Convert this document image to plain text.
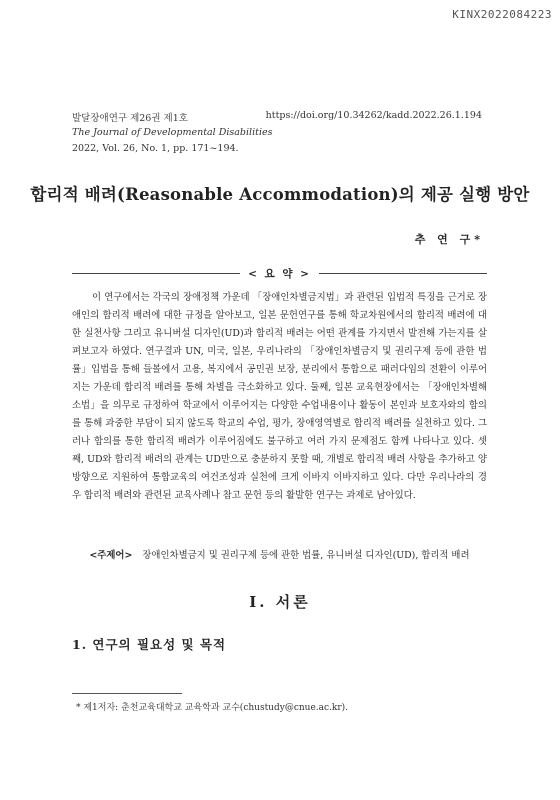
KINX2022084223
발달장애연구 제26권 제1호
The Journal of Developmental Disabilities
2022, Vol. 26, No. 1, pp. 171~194.
https://doi.org/10.34262/kadd.2022.26.1.194
합리적 배려(Reasonable Accommodation)의 제공 실행 방안
추 연 구*
< 요 약 >

이 연구에서는 각국의 장애정책 가운데 「장애인차별금지법」과 관련된 입법적 특징을 근거로 장애인의 합리적 배려에 대한 규정을 알아보고, 일본 문헌연구를 통해 학교차원에서의 합리적 배려에 대한 실천사항 그리고 유니버설 디자인(UD)과 합리적 배려는 어떤 관계를 가지면서 발전해 가는지를 살펴보고자 하였다. 연구결과 UN, 미국, 일본, 우리나라의 「장애인차별금지 및 권리구제 등에 관한 법률」입법을 통해 들볼에서 고용, 복지에서 공민권 보장, 분리에서 통합으로 패러다임의 전환이 이루어지는 가운데 합리적 배려를 통해 차별을 극소화하고 있다. 둘째, 일본 교육현장에서는 「장애인차별해소법」을 의무로 규정하여 학교에서 이루어지는 다양한 수업내용이나 활동이 본인과 보호자와의 합의를 통해 과중한 부담이 되지 않도록 학교의 수업, 평가, 장애영역별로 합리적 배려를 실천하고 있다. 그러나 합의를 통한 합리적 배려가 이루어짐에도 불구하고 여러 가지 문제점도 함께 나타나고 있다. 셋째, UD와 합리적 배려의 관계는 UD만으로 충분하지 못할 때, 개별로 합리적 배려 사항을 추가하고 양방향으로 지원하여 통합교육의 여건조성과 실천에 크게 이바지 이바지하고 있다. 다만 우리나라의 경우 합리적 배려와 관련된 교육사례나 참고 문헌 등의 활발한 연구는 과제로 남아있다.

<주제어> 장애인차별금지 및 권리구제 등에 관한 법률, 유니버설 디자인(UD), 합리적 배려
Ⅰ. 서론
1. 연구의 필요성 및 목적
* 제1저자: 춘천교육대학교 교육학과 교수(chustudy@cnue.ac.kr).
